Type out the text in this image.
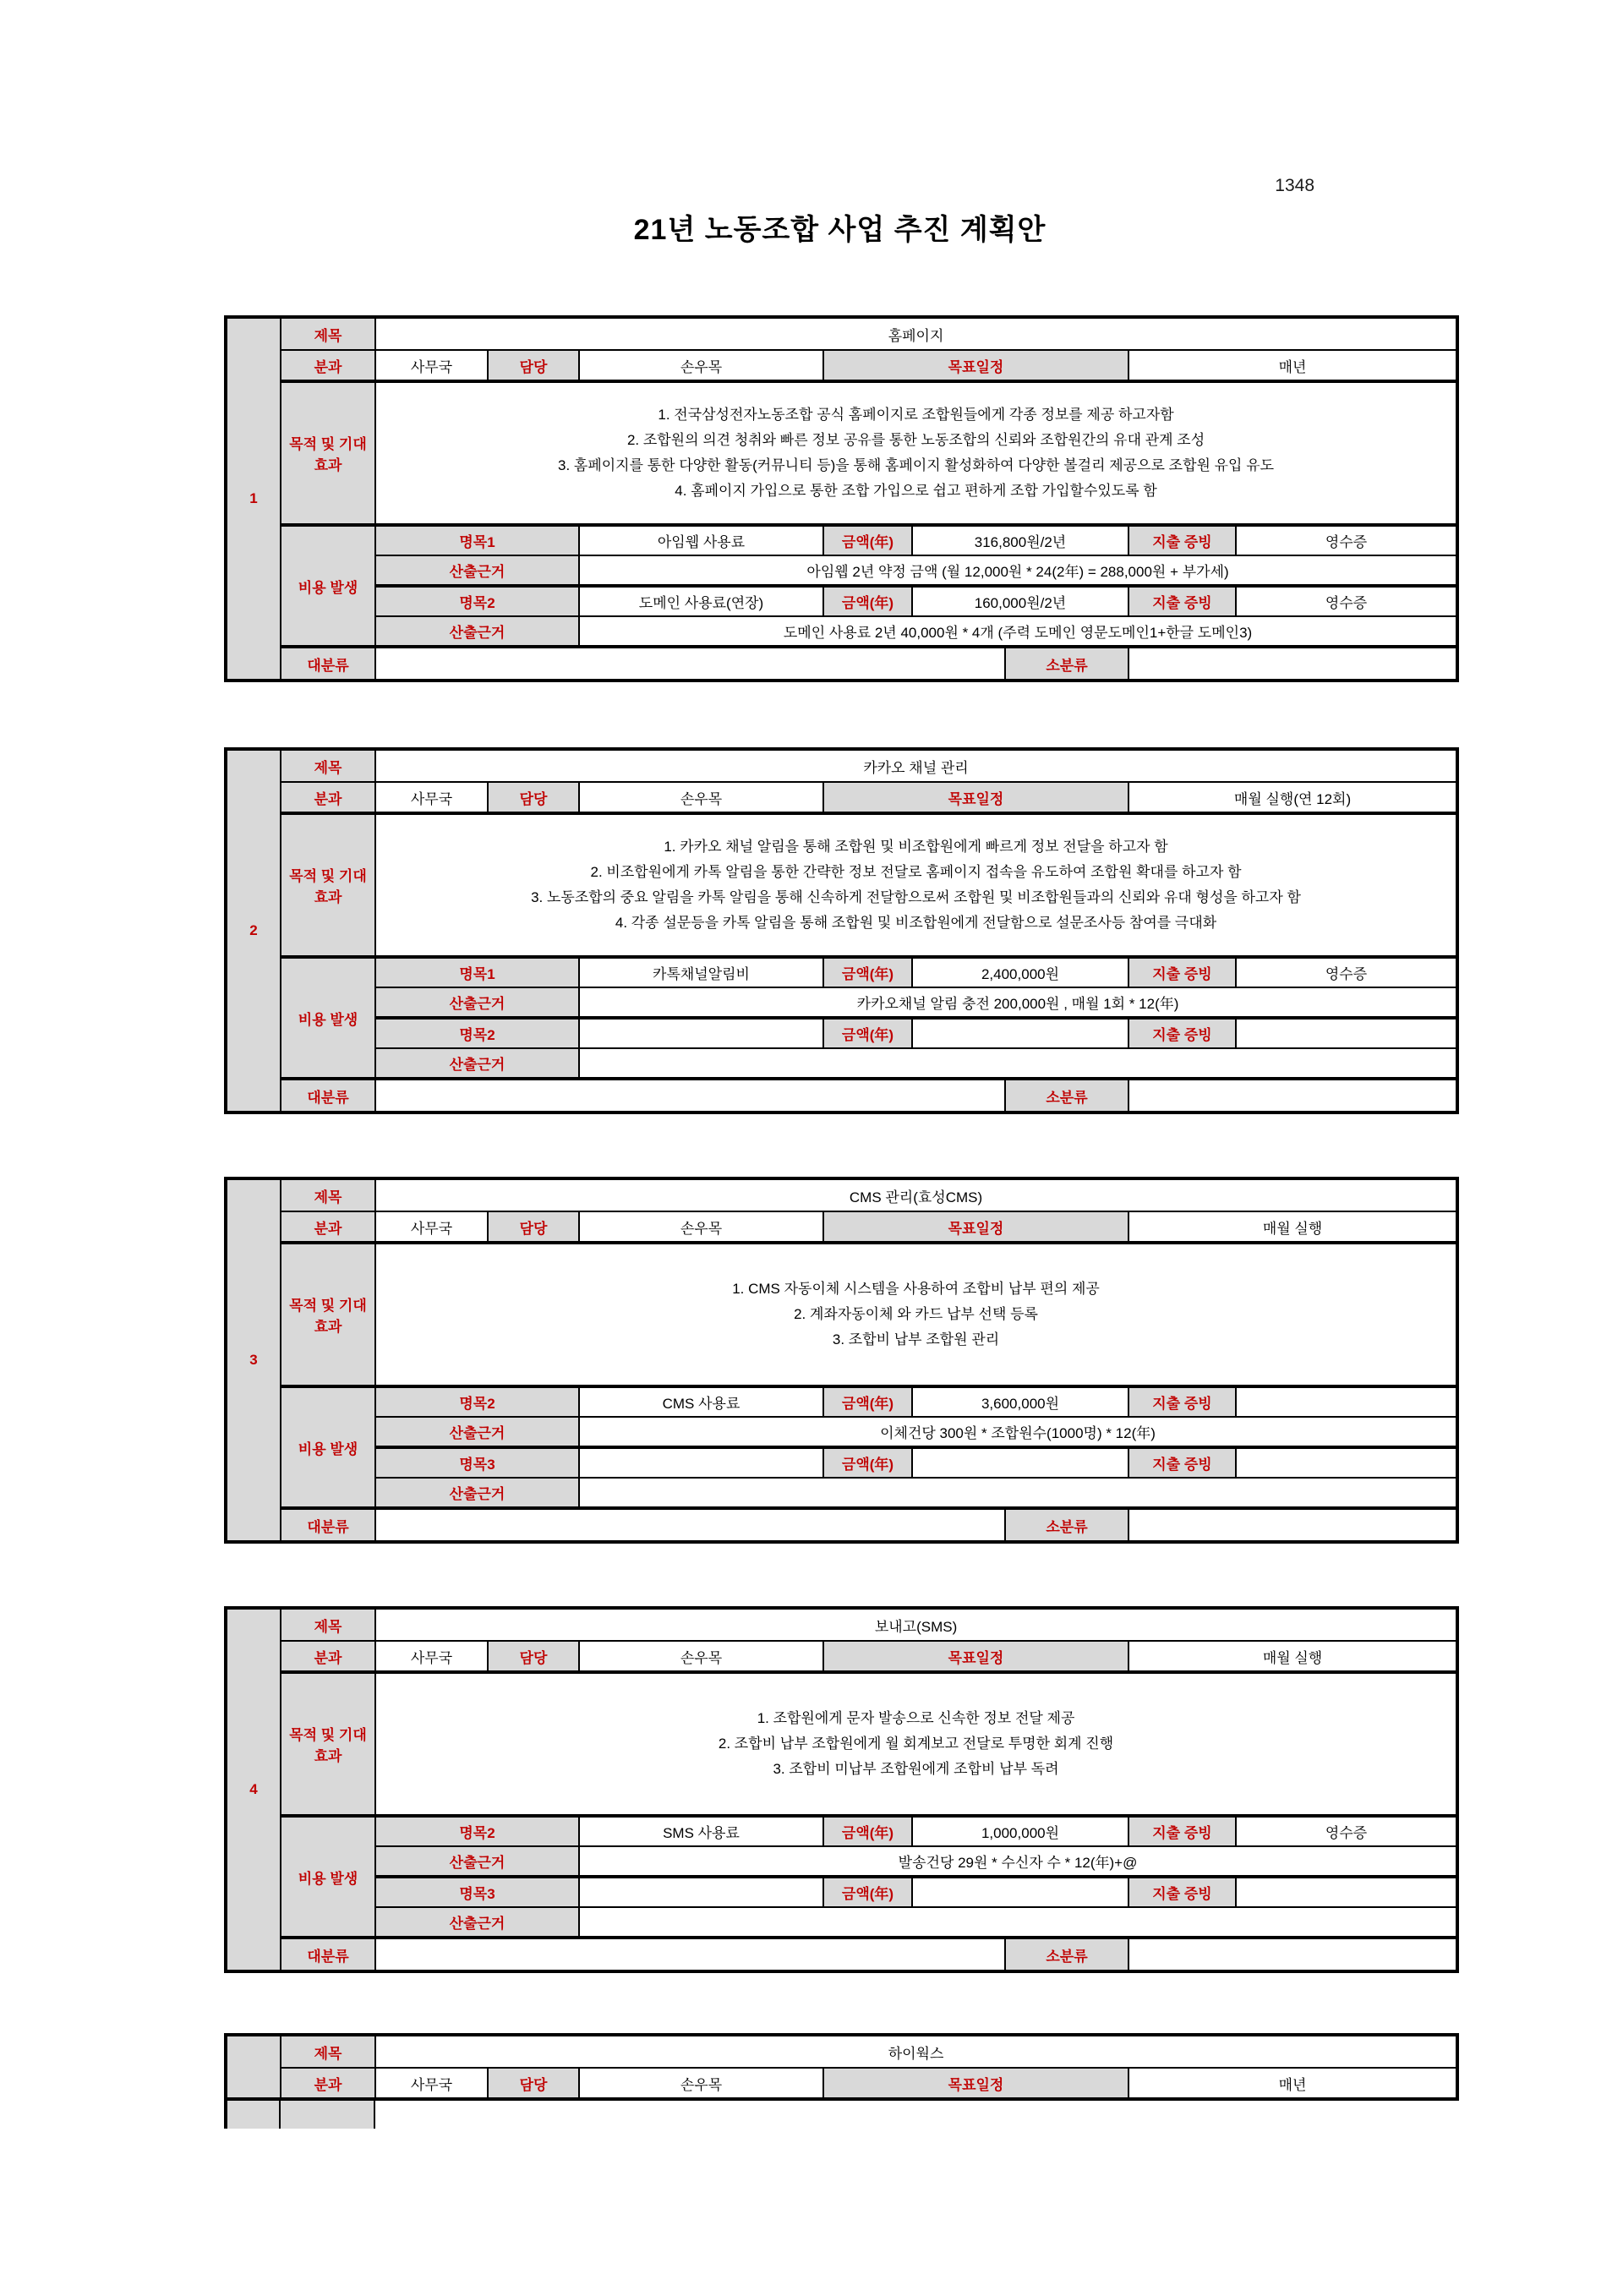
1348
21년 노동조합 사업 추진 계획안
1	제목	홈페이지							
	분과	사무국	담당	손우목	목표일정			매년	
	목적 및 기대효과	1. 전국삼성전자노동조합 공식 홈페이지로 조합원들에게 각종 정보를 제공 하고자함
2. 조합원의 의견 청취와 빠른 정보 공유를 통한 노동조합의 신뢰와 조합원간의 유대 관계 조성
3. 홈페이지를 통한 다양한 활동(커뮤니티 등)을 통해 홈페이지 활성화하여 다양한 볼걸리 제공으로 조합원 유입 유도
4. 홈페이지 가입으로 통한 조합 가입으로 쉽고 편하게 조합 가입할수있도록 함							

	비용 발생	명목1		아임웹 사용료	금액(年)	316,800원/2년		지출 증빙	영수증
		산출근거		아임웹 2년 약정 금액 (월 12,000원 * 24(2年) = 288,000원 + 부가세)					
		명목2		도메인 사용료(연장)	금액(年)	160,000원/2년		지출 증빙	영수증
		산출근거		도메인 사용료 2년 40,000원 * 4개 (주력 도메인 영문도메인1+한글 도메인3)					
	대분류						소분류		
2	제목	카카오 채널 관리							
	분과	사무국	담당	손우목	목표일정			매월 실행(연 12회)	
	목적 및 기대효과	1. 카카오 채널 알림을 통해 조합원 및 비조합원에게 빠르게 정보 전달을 하고자 함
2. 비조합원에게 카톡 알림을 통한 간략한 정보 전달로 홈페이지 접속을 유도하여 조합원 확대를 하고자 함
3. 노동조합의 중요 알림을 카톡 알림을 통해 신속하게 전달함으로써 조합원 및 비조합원들과의 신뢰와 유대 형성을 하고자 함
4. 각종 설문등을 카톡 알림을 통해 조합원 및 비조합원에게 전달함으로 설문조사등 참여를 극대화							

	비용 발생	명목1		카톡채널알림비	금액(年)	2,400,000원		지출 증빙	영수증
		산출근거		카카오채널 알림 충전 200,000원 , 매월 1회 * 12(年)					
		명목2			금액(年)			지출 증빙	
		산출근거							
	대분류						소분류		
3	제목	CMS 관리(효성CMS)							
	분과	사무국	담당	손우목	목표일정			매월 실행	
	목적 및 기대효과	1. CMS 자동이체 시스템을 사용하여 조합비 납부 편의 제공
2. 계좌자동이체 와 카드 납부 선택 등록
3. 조합비 납부 조합원 관리							

	비용 발생	명목2		CMS 사용료	금액(年)	3,600,000원		지출 증빙	
		산출근거		이체건당 300원 * 조합원수(1000명) * 12(年)					
		명목3			금액(年)			지출 증빙	
		산출근거							
	대분류						소분류		
4	제목	보내고(SMS)							
	분과	사무국	담당	손우목	목표일정			매월 실행	
	목적 및 기대효과	1. 조합원에게 문자 발송으로 신속한 정보 전달 제공
2. 조합비 납부 조합원에게 월 회계보고 전달로 투명한 회계 진행
3. 조합비 미납부 조합원에게 조합비 납부 독려							

	비용 발생	명목2		SMS 사용료	금액(年)	1,000,000원		지출 증빙	영수증
		산출근거		발송건당 29원 * 수신자 수 * 12(年)+@					
		명목3			금액(年)			지출 증빙	
		산출근거							
	대분류						소분류		
	제목	하이웍스				
	분과	사무국	담당	손우목	목표일정	매년
